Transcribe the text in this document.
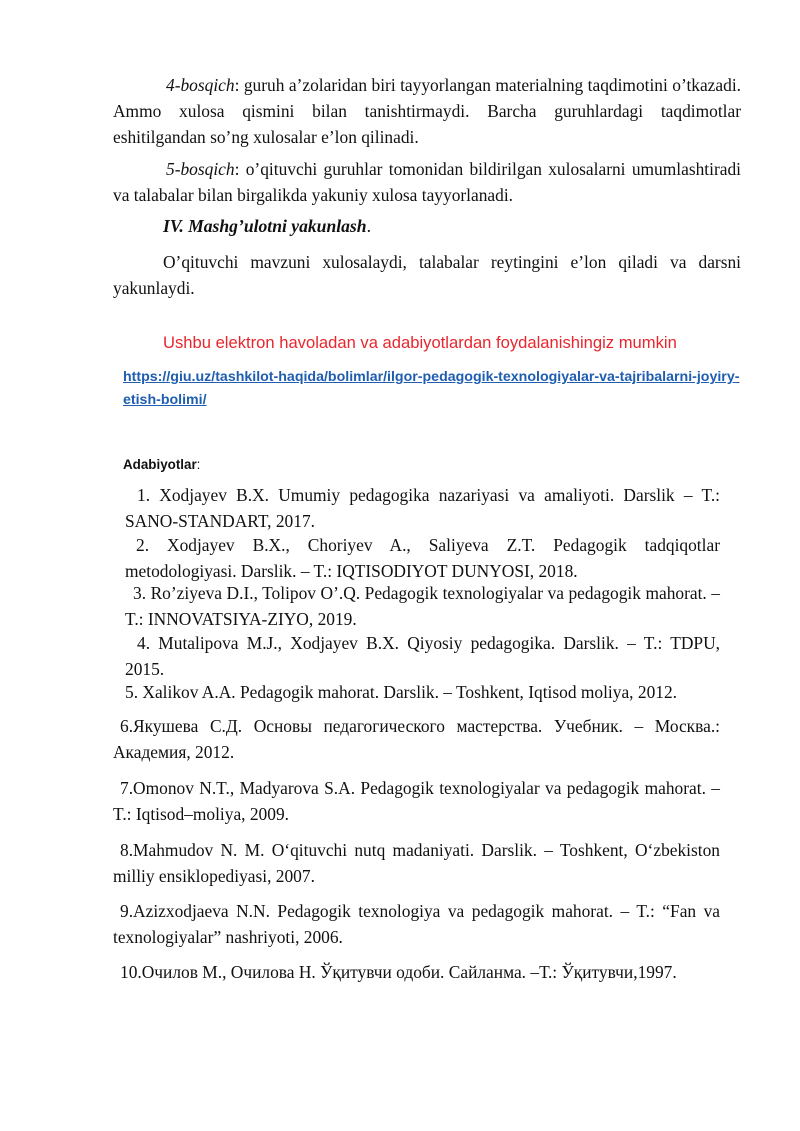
4-bosqich: guruh a’zolaridan biri tayyorlangan materialning taqdimotini o’tkazadi. Ammo xulosa qismini bilan tanishtirmaydi. Barcha guruhlardagi taqdimotlar eshitilgandan so’ng xulosalar e’lon qilinadi.

5-bosqich: o’qituvchi guruhlar tomonidan bildirilgan xulosalarni umumlashtiradi va talabalar bilan birgalikda yakuniy xulosa tayyorlanadi.

IV. Mashg’ulotni yakunlash.

O’qituvchi mavzuni xulosalaydi, talabalar reytingini e’lon qiladi va darsni yakunlaydi.

Ushbu elektron havoladan va adabiyotlardan foydalanishingiz mumkin

https://giu.uz/tashkilot-haqida/bolimlar/ilgor-pedagogik-texnologiyalar-va-tajribalarni-joyiry-etish-bolimi/

Adabiyotlar:

1. Xodjayev B.X. Umumiy pedagogika nazariyasi va amaliyoti. Darslik – T.: SANO-STANDART, 2017.

2. Xodjayev B.X., Choriyev A., Saliyeva Z.T. Pedagogik tadqiqotlar metodologiyasi. Darslik. – T.: IQTISODIYOT DUNYOSI, 2018.

3. Ro’ziyeva D.I., Tolipov O’.Q. Pedagogik texnologiyalar va pedagogik mahorat. – T.: INNOVATSIYA-ZIYO, 2019.

4. Mutalipova M.J., Xodjayev B.X. Qiyosiy pedagogika. Darslik. – T.: TDPU, 2015.

5. Xalikov A.A. Pedagogik mahorat. Darslik. – Toshkent, Iqtisod moliya, 2012.

6.Якушева С.Д. Основы педагогического мастерства. Учебник. – Москва.: Академия, 2012.

7.Omonov N.T., Madyarova S.A. Pedagogik texnologiyalar va pedagogik mahorat. – T.: Iqtisod–moliya, 2009.

8.Mahmudov N. M. O‘qituvchi nutq madaniyati. Darslik. – Toshkent, O‘zbekiston milliy ensiklopediyasi, 2007.

9.Azizxodjaeva N.N. Pedagogik texnologiya va pedagogik mahorat. – T.: “Fan va texnologiyalar” nashriyoti, 2006.

10.Очилов М., Очилова Н. Ўқитувчи одоби. Сайланма. –Т.: Ўқитувчи,1997.
